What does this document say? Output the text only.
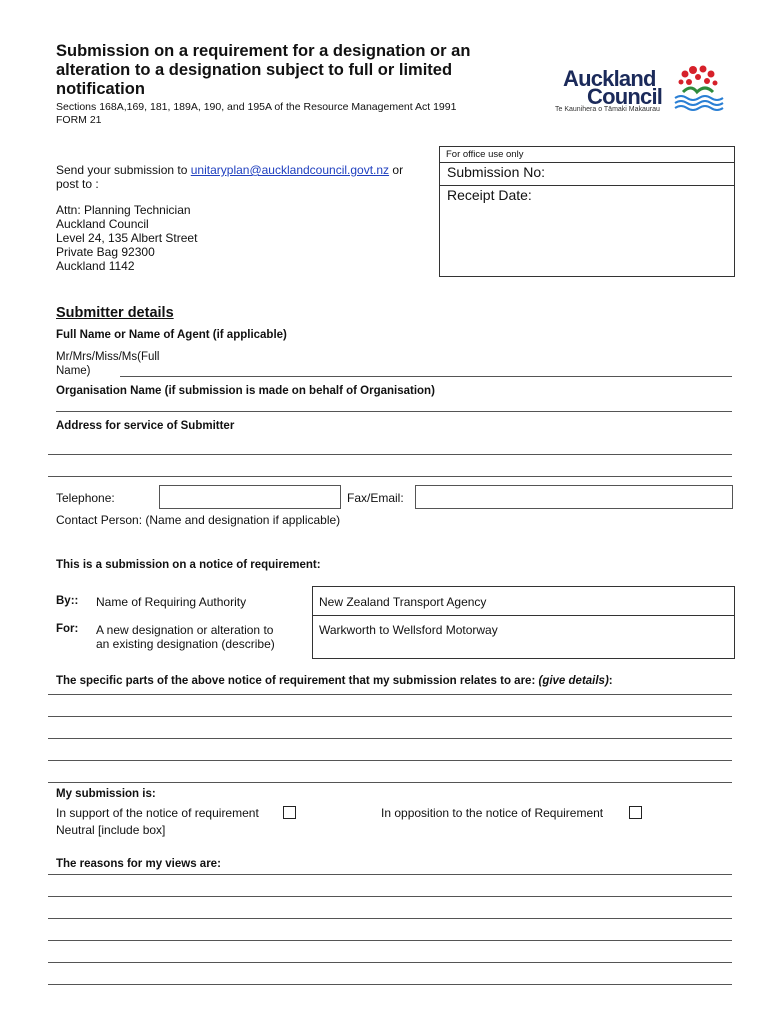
Submission on a requirement for a designation or an alteration to a designation subject to full or limited notification
Sections 168A,169, 181, 189A, 190, and 195A of the Resource Management Act 1991
FORM 21
Auckland
Council
Te Kaunihera o Tāmaki Makaurau
For office use only
Submission No:
Receipt Date:
Send your submission to unitaryplan@aucklandcouncil.govt.nz or
post to :
Attn: Planning Technician
Auckland Council
Level 24, 135 Albert Street
Private Bag 92300
Auckland 1142
Submitter details
Full Name or Name of Agent (if applicable)
Mr/Mrs/Miss/Ms(Full
Name)
Organisation Name (if submission is made on behalf of Organisation)
Address for service of Submitter
Telephone:	Fax/Email:
Contact Person: (Name and designation if applicable)
This is a submission on a notice of requirement:
By:: Name of Requiring Authority
For: A new designation or alteration to
an existing designation (describe)
New Zealand Transport Agency
Warkworth to Wellsford Motorway
The specific parts of the above notice of requirement that my submission relates to are: (give details):
My submission is:
In support of the notice of requirement	In opposition to the notice of Requirement
Neutral [include box]
The reasons for my views are:
